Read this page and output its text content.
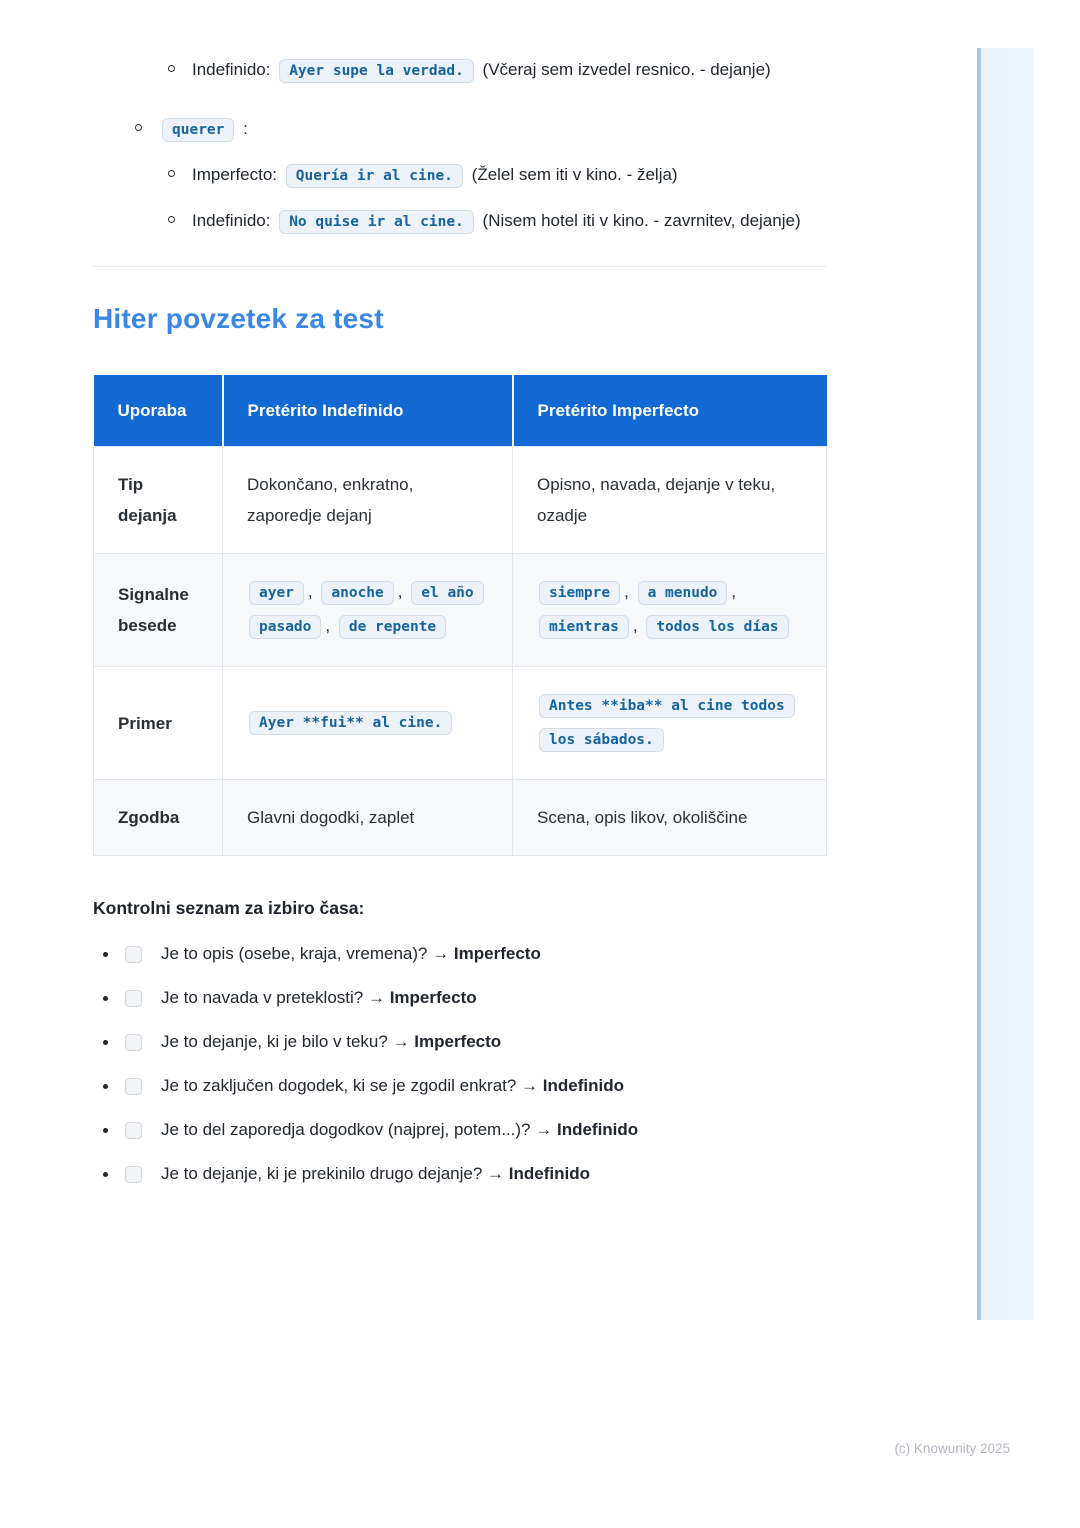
Indefinido: Ayer supe la verdad. (Včeraj sem izvedel resnico. - dejanje)
querer :
Imperfecto: Quería ir al cine. (Želel sem iti v kino. - želja)
Indefinido: No quise ir al cine. (Nisem hotel iti v kino. - zavrnitev, dejanje)
Hiter povzetek za test
Uporaba	Pretérito Indefinido	Pretérito Imperfecto
Tip dejanja	Dokončano, enkratno, zaporedje dejanj	Opisno, navada, dejanje v teku, ozadje
Signalne besede	ayer , anoche , el año pasado , de repente	siempre , a menudo , mientras , todos los días
Primer	Ayer **fui** al cine.	Antes **iba** al cine todos los sábados.
Zgodba	Glavni dogodki, zaplet	Scena, opis likov, okoliščine
Kontrolni seznam za izbiro časa:
Je to opis (osebe, kraja, vremena)? → Imperfecto
Je to navada v preteklosti? → Imperfecto
Je to dejanje, ki je bilo v teku? → Imperfecto
Je to zaključen dogodek, ki se je zgodil enkrat? → Indefinido
Je to del zaporedja dogodkov (najprej, potem...)? → Indefinido
Je to dejanje, ki je prekinilo drugo dejanje? → Indefinido
(c) Knowunity 2025
